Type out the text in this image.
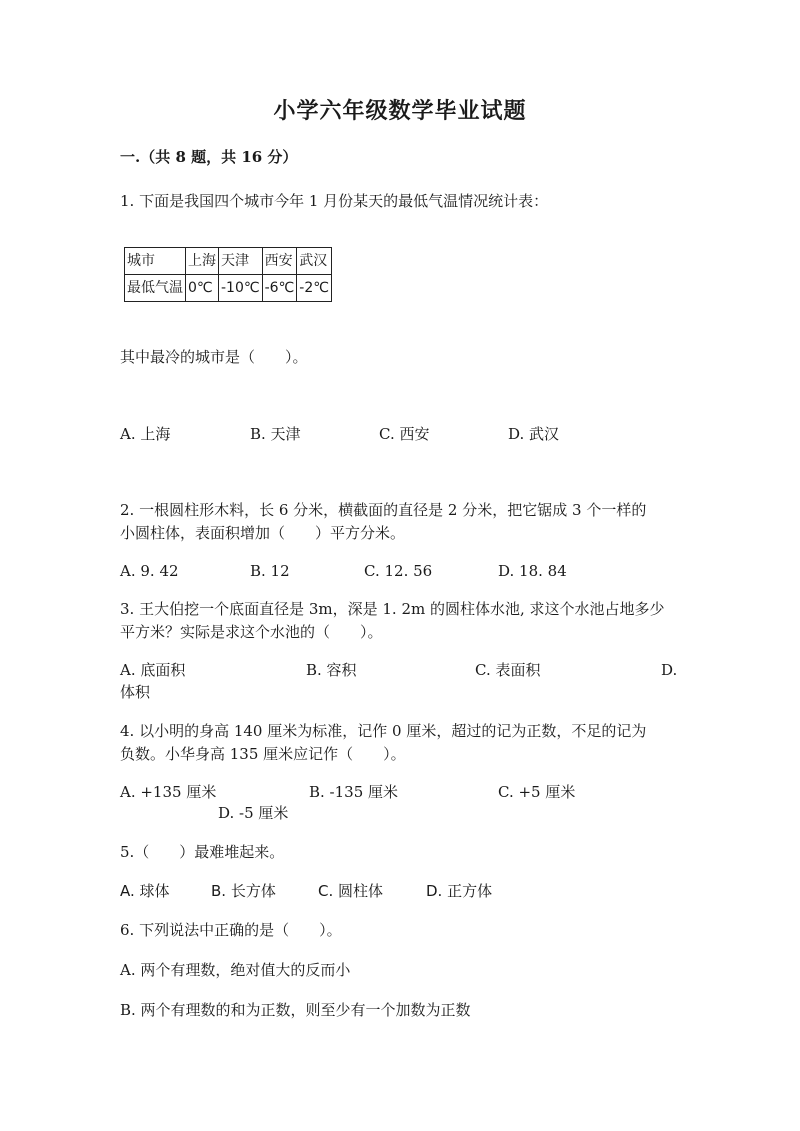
小学六年级数学毕业试题
一.（共 8 题，共 16 分）
1. 下面是我国四个城市今年 1 月份某天的最低气温情况统计表：
城市	上海	天津	西安	武汉
最低气温	0℃	-10℃	-6℃	-2℃
其中最冷的城市是（　　）。
A. 上海	B. 天津	C. 西安	D. 武汉
2. 一根圆柱形木料，长 6 分米，横截面的直径是 2 分米，把它锯成 3 个一样的
小圆柱体，表面积增加（　　）平方分米。
A. 9. 42	B. 12	C. 12. 56	D. 18. 84
3. 王大伯挖一个底面直径是 3m，深是 1. 2m 的圆柱体水池, 求这个水池占地多少
平方米？实际是求这个水池的（　　）。
A. 底面积	B. 容积	C. 表面积	D.
体积
4. 以小明的身高 140 厘米为标准，记作 0 厘米，超过的记为正数，不足的记为
负数。小华身高 135 厘米应记作（　　）。
A. +135 厘米	B. -135 厘米	C. +5 厘米
D. -5 厘米
5.（　　）最难堆起来。
A. 球体	B. 长方体	C. 圆柱体	D. 正方体
6. 下列说法中正确的是（　　）。
A. 两个有理数，绝对值大的反而小
B. 两个有理数的和为正数，则至少有一个加数为正数
